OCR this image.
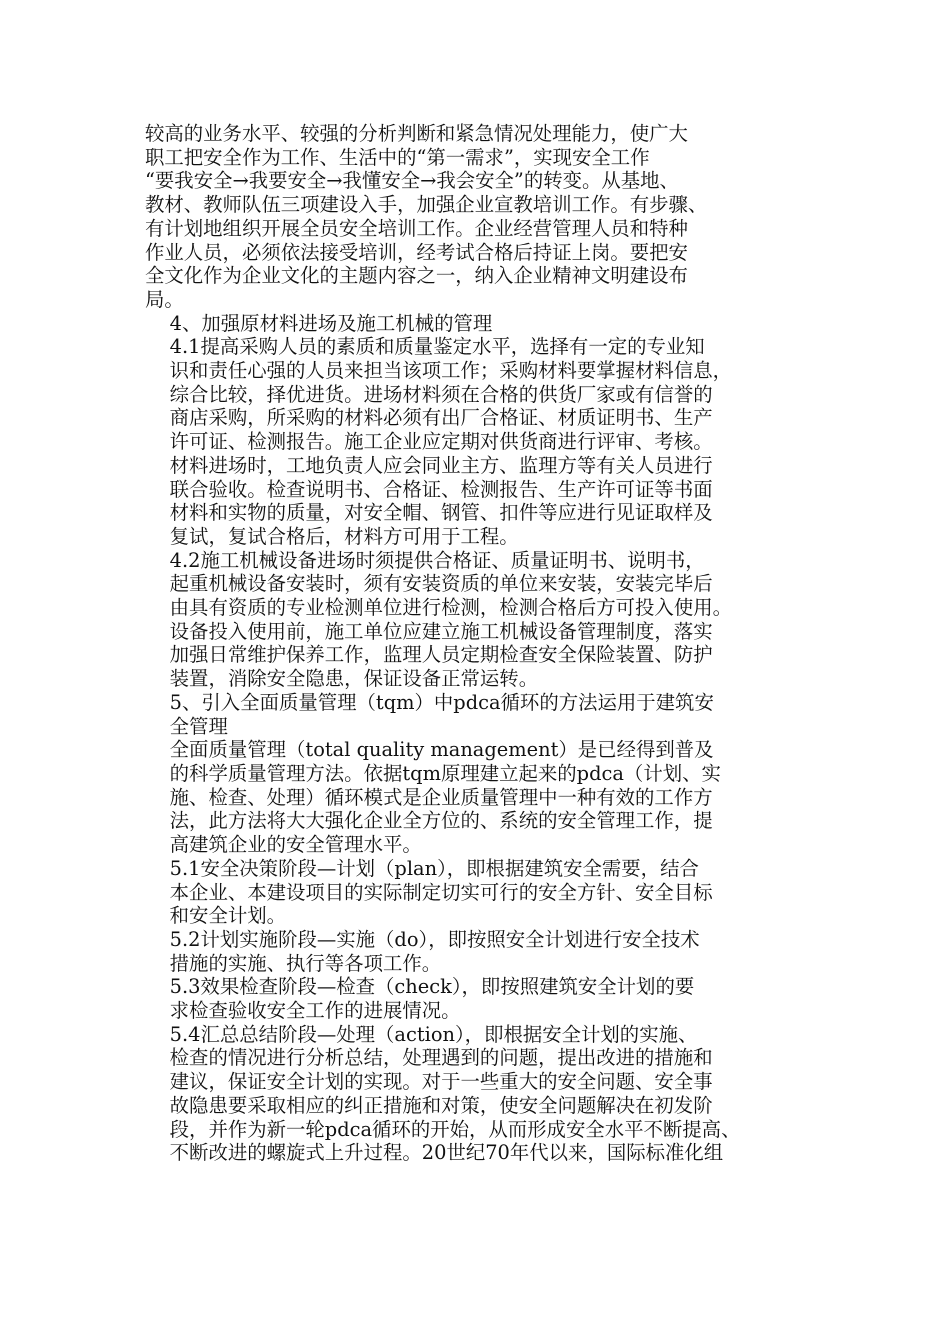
较高的业务水平、较强的分析判断和紧急情况处理能力，使广大
职工把安全作为工作、生活中的“第一需求”，实现安全工作
“要我安全→我要安全→我懂安全→我会安全”的转变。从基地、
教材、教师队伍三项建设入手，加强企业宣教培训工作。有步骤、
有计划地组织开展全员安全培训工作。企业经营管理人员和特种
作业人员，必须依法接受培训，经考试合格后持证上岗。要把安
全文化作为企业文化的主题内容之一，纳入企业精神文明建设布
局。
4、加强原材料进场及施工机械的管理
4.1提高采购人员的素质和质量鉴定水平，选择有一定的专业知
识和责任心强的人员来担当该项工作；采购材料要掌握材料信息，
综合比较，择优进货。进场材料须在合格的供货厂家或有信誉的
商店采购，所采购的材料必须有出厂合格证、材质证明书、生产
许可证、检测报告。施工企业应定期对供货商进行评审、考核。
材料进场时，工地负责人应会同业主方、监理方等有关人员进行
联合验收。检查说明书、合格证、检测报告、生产许可证等书面
材料和实物的质量，对安全帽、钢管、扣件等应进行见证取样及
复试，复试合格后，材料方可用于工程。
4.2施工机械设备进场时须提供合格证、质量证明书、说明书，
起重机械设备安装时，须有安装资质的单位来安装，安装完毕后
由具有资质的专业检测单位进行检测，检测合格后方可投入使用。
设备投入使用前，施工单位应建立施工机械设备管理制度，落实
加强日常维护保养工作，监理人员定期检查安全保险装置、防护
装置，消除安全隐患，保证设备正常运转。
5、引入全面质量管理（tqm）中pdca循环的方法运用于建筑安
全管理
全面质量管理（total quality management）是已经得到普及
的科学质量管理方法。依据tqm原理建立起来的pdca（计划、实
施、检查、处理）循环模式是企业质量管理中一种有效的工作方
法，此方法将大大强化企业全方位的、系统的安全管理工作，提
高建筑企业的安全管理水平。
5.1安全决策阶段—计划（plan），即根据建筑安全需要，结合
本企业、本建设项目的实际制定切实可行的安全方针、安全目标
和安全计划。
5.2计划实施阶段—实施（do），即按照安全计划进行安全技术
措施的实施、执行等各项工作。
5.3效果检查阶段—检查（check），即按照建筑安全计划的要
求检查验收安全工作的进展情况。
5.4汇总总结阶段—处理（action），即根据安全计划的实施、
检查的情况进行分析总结，处理遇到的问题，提出改进的措施和
建议，保证安全计划的实现。对于一些重大的安全问题、安全事
故隐患要采取相应的纠正措施和对策，使安全问题解决在初发阶
段，并作为新一轮pdca循环的开始，从而形成安全水平不断提高、
不断改进的螺旋式上升过程。20世纪70年代以来，国际标准化组
